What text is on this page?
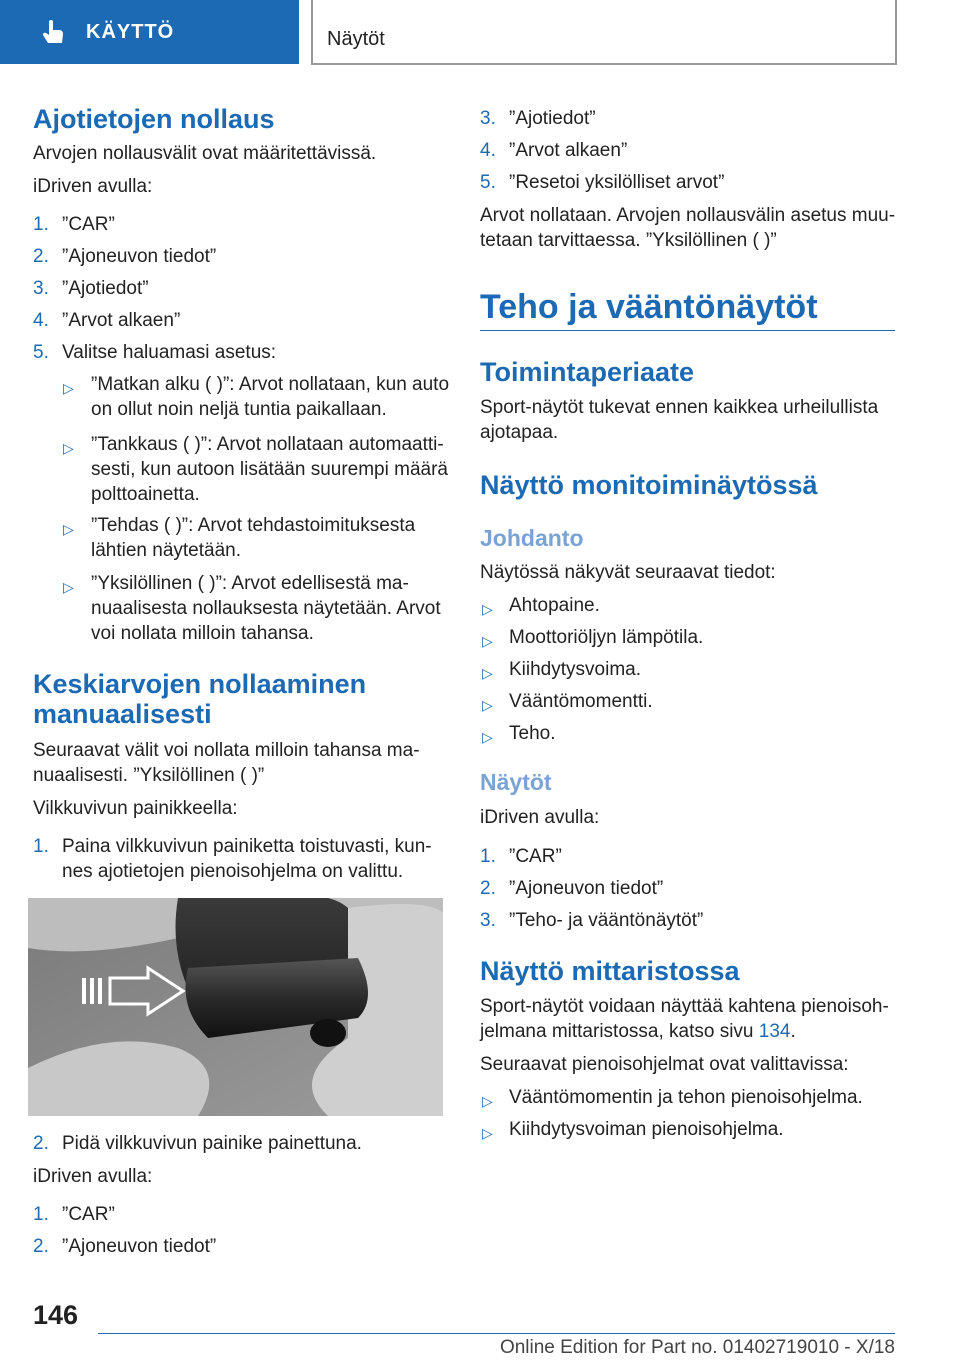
KÄYTTÖ	Näytöt
Ajotietojen nollaus
Arvojen nollausvälit ovat määritettävissä.
iDriven avulla:
1. ”CAR”
2. ”Ajoneuvon tiedot”
3. ”Ajotiedot”
4. ”Arvot alkaen”
5. Valitse haluamasi asetus:
▷ ”Matkan alku ( )”: Arvot nollataan, kun auto
on ollut noin neljä tuntia paikallaan.
▷ ”Tankkaus ( )”: Arvot nollataan automaatti‑
sesti, kun autoon lisätään suurempi määrä
polttoainetta.
▷ ”Tehdas ( )”: Arvot tehdastoimituksesta
lähtien näytetään.
▷ ”Yksilöllinen ( )”: Arvot edellisestä ma‑
nuaalisesta nollauksesta näytetään. Arvot
voi nollata milloin tahansa.
Keskiarvojen nollaaminen
manuaalisesti
Seuraavat välit voi nollata milloin tahansa ma‑
nuaalisesti. ”Yksilöllinen ( )”
Vilkkuvivun painikkeella:
1. Paina vilkkuvivun painiketta toistuvasti, kun‑
nes ajotietojen pienoisohjelma on valittu.
2. Pidä vilkkuvivun painike painettuna.
iDriven avulla:
1. ”CAR”
2. ”Ajoneuvon tiedot”
3. ”Ajotiedot”
4. ”Arvot alkaen”
5. ”Resetoi yksilölliset arvot”
Arvot nollataan. Arvojen nollausvälin asetus muu‑
tetaan tarvittaessa. ”Yksilöllinen ( )”
Teho ja vääntönäytöt
Toimintaperiaate
Sport‑näytöt tukevat ennen kaikkea urheilullista
ajotapaa.
Näyttö monitoiminäytössä
Johdanto
Näytössä näkyvät seuraavat tiedot:
▷ Ahtopaine.
▷ Moottoriöljyn lämpötila.
▷ Kiihdytysvoima.
▷ Vääntömomentti.
▷ Teho.
Näytöt
iDriven avulla:
1. ”CAR”
2. ”Ajoneuvon tiedot”
3. ”Teho- ja vääntönäytöt”
Näyttö mittaristossa
Sport‑näytöt voidaan näyttää kahtena pienoisoh‑
jelmana mittaristossa, katso sivu 134.
Seuraavat pienoisohjelmat ovat valittavissa:
▷ Vääntömomentin ja tehon pienoisohjelma.
▷ Kiihdytysvoiman pienoisohjelma.
146
Online Edition for Part no. 01402719010 - X/18
